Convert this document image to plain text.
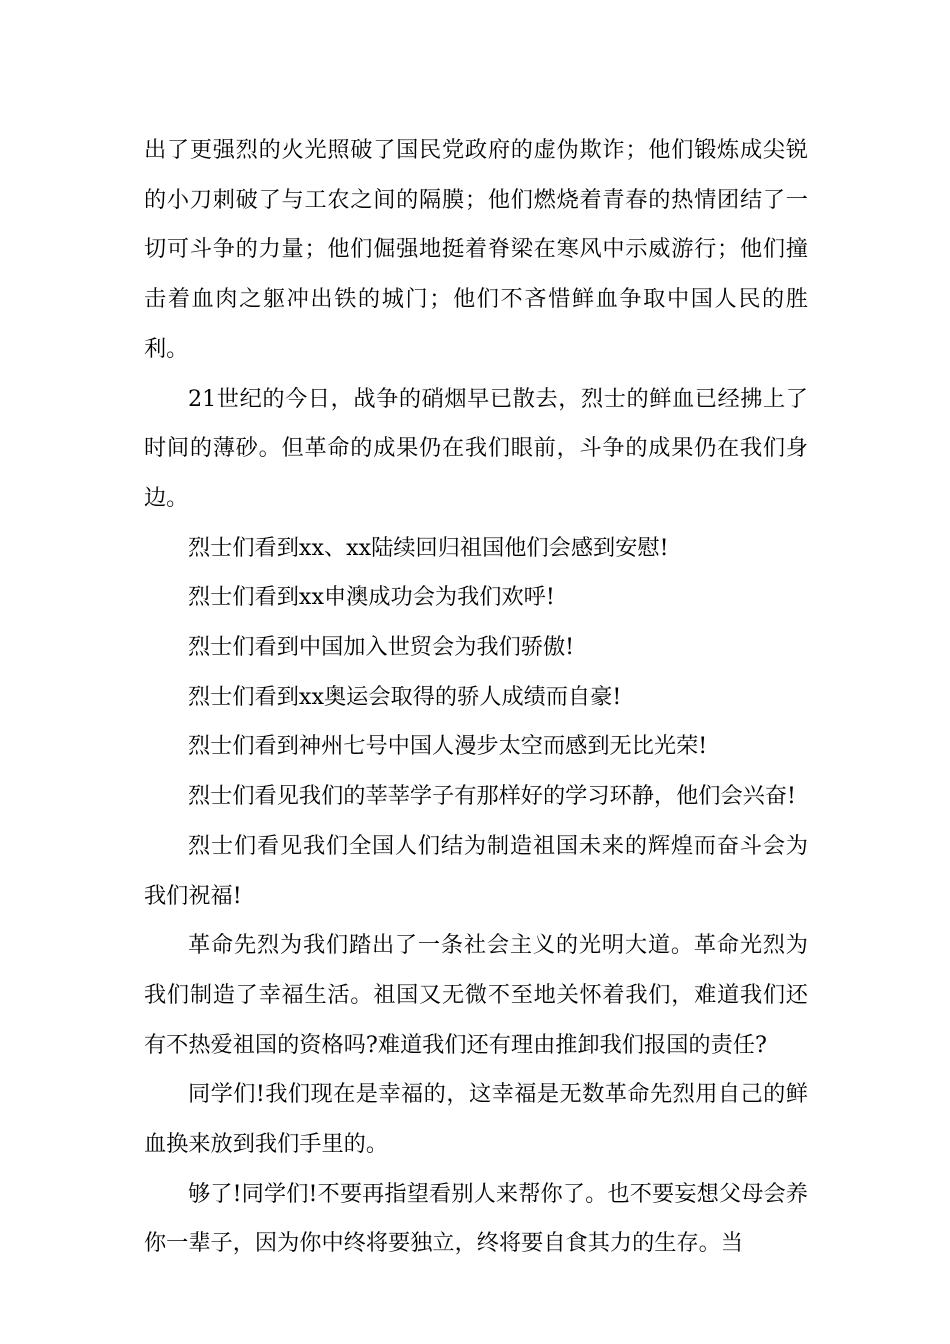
出了更强烈的火光照破了国民党政府的虚伪欺诈；他们锻炼成尖锐的小刀刺破了与工农之间的隔膜；他们燃烧着青春的热情团结了一切可斗争的力量；他们倔强地挺着脊梁在寒风中示威游行；他们撞击着血肉之躯冲出铁的城门；他们不吝惜鲜血争取中国人民的胜利。

21世纪的今日，战争的硝烟早已散去，烈士的鲜血已经拂上了时间的薄砂。但革命的成果仍在我们眼前，斗争的成果仍在我们身边。

烈士们看到xx、xx陆续回归祖国他们会感到安慰!

烈士们看到xx申澳成功会为我们欢呼!

烈士们看到中国加入世贸会为我们骄傲!

烈士们看到xx奥运会取得的骄人成绩而自豪!

烈士们看到神州七号中国人漫步太空而感到无比光荣!

烈士们看见我们的莘莘学子有那样好的学习环静，他们会兴奋!

烈士们看见我们全国人们结为制造祖国未来的辉煌而奋斗会为我们祝福!

革命先烈为我们踏出了一条社会主义的光明大道。革命光烈为我们制造了幸福生活。祖国又无微不至地关怀着我们，难道我们还有不热爱祖国的资格吗?难道我们还有理由推卸我们报国的责任?

同学们!我们现在是幸福的，这幸福是无数革命先烈用自己的鲜血换来放到我们手里的。

够了!同学们!不要再指望看别人来帮你了。也不要妄想父母会养你一辈子，因为你中终将要独立，终将要自食其力的生存。当
